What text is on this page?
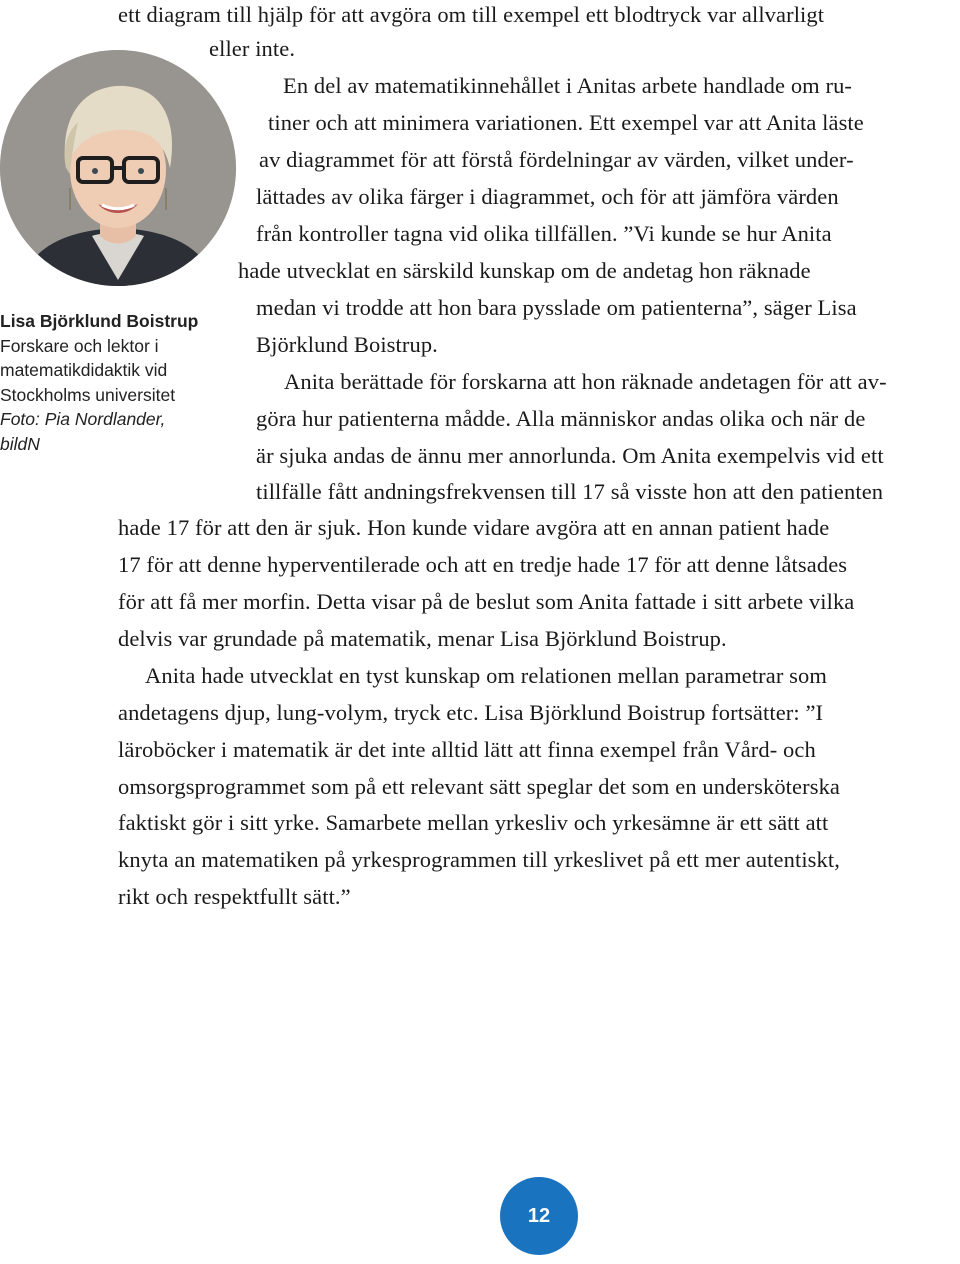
ett diagram till hjälp för att avgöra om till exempel ett blodtryck var allvarligt

eller inte.

Lisa Björklund Boistrup
Forskare och lektor i
matematikdidaktik vid
Stockholms universitet
Foto: Pia Nordlander,
bildN

En del av matematikinnehållet i Anitas arbete handlade om ru-

tiner och att minimera variationen. Ett exempel var att Anita läste

av diagrammet för att förstå fördelningar av värden, vilket under-

lättades av olika färger i diagrammet, och för att jämföra värden

från kontroller tagna vid olika tillfällen. ”Vi kunde se hur Anita

hade utvecklat en särskild kunskap om de andetag hon räknade

medan vi trodde att hon bara pysslade om patienterna”, säger Lisa

Björklund Boistrup.

Anita berättade för forskarna att hon räknade andetagen för att av-

göra hur patienterna mådde. Alla människor andas olika och när de

är sjuka andas de ännu mer annorlunda. Om Anita exempelvis vid ett

tillfälle fått andningsfrekvensen till 17 så visste hon att den patienten

hade 17 för att den är sjuk. Hon kunde vidare avgöra att en annan patient hade

17 för att denne hyperventilerade och att en tredje hade 17 för att denne låtsades

för att få mer morfin. Detta visar på de beslut som Anita fattade i sitt arbete vilka

delvis var grundade på matematik, menar Lisa Björklund Boistrup.

Anita hade utvecklat en tyst kunskap om relationen mellan parametrar som

andetagens djup, lung-volym, tryck etc. Lisa Björklund Boistrup fortsätter: ”I

läroböcker i matematik är det inte alltid lätt att finna exempel från Vård- och

omsorgsprogrammet som på ett relevant sätt speglar det som en undersköterska

faktiskt gör i sitt yrke. Samarbete mellan yrkesliv och yrkesämne är ett sätt att

knyta an matematiken på yrkesprogrammen till yrkeslivet på ett mer autentiskt,

rikt och respektfullt sätt.”

12
